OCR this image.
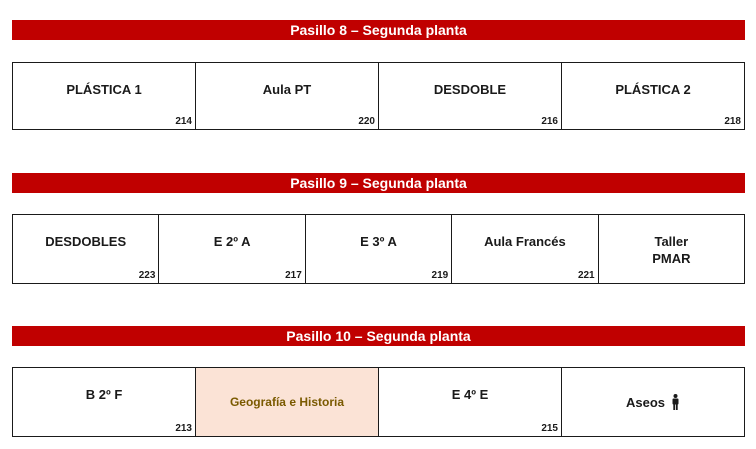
Pasillo 8 – Segunda planta
PLÁSTICA 1
214
Aula PT
220
DESDOBLE
216
PLÁSTICA 2
218
Pasillo 9 – Segunda planta
DESDOBLES
223
E 2º A
217
E 3º A
219
Aula Francés
221
Taller
PMAR
Pasillo 10 – Segunda planta
B 2º F
213
Geografía e Historia	E 4º E
215
Aseos
